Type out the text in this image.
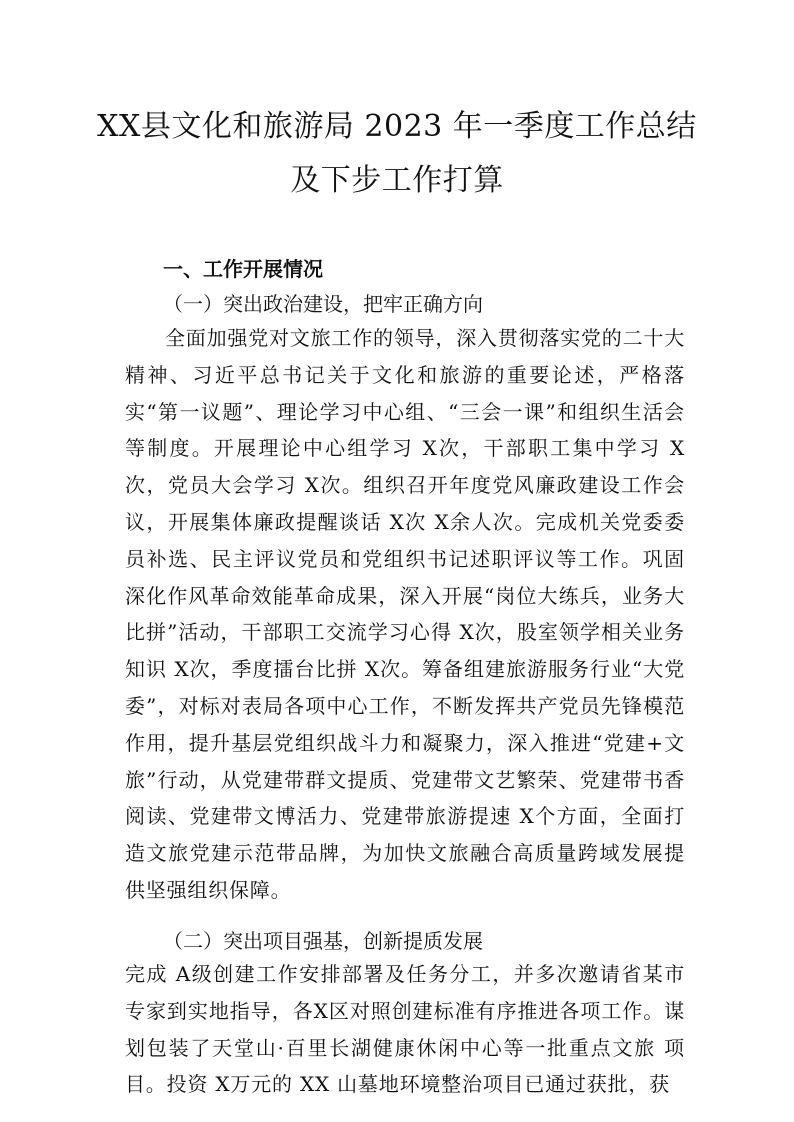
XX县文化和旅游局 2023 年一季度工作总结
及下步工作打算
一、工作开展情况
（一）突出政治建设，把牢正确方向
全面加强党对文旅工作的领导，深入贯彻落实党的二十大精神、习近平总书记关于文化和旅游的重要论述，严格落实“第一议题”、理论学习中心组、“三会一课”和组织生活会等制度。开展理论中心组学习 X次，干部职工集中学习 X次，党员大会学习 X次。组织召开年度党风廉政建设工作会议，开展集体廉政提醒谈话 X次 X余人次。完成机关党委委员补选、民主评议党员和党组织书记述职评议等工作。巩固深化作风革命效能革命成果，深入开展“岗位大练兵，业务大比拼”活动，干部职工交流学习心得 X次，股室领学相关业务知识 X次，季度擂台比拼 X次。筹备组建旅游服务行业“大党委”，对标对表局各项中心工作，不断发挥共产党员先锋模范作用，提升基层党组织战斗力和凝聚力，深入推进“党建+文旅”行动，从党建带群文提质、党建带文艺繁荣、党建带书香阅读、党建带文博活力、党建带旅游提速 X个方面，全面打造文旅党建示范带品牌，为加快文旅融合高质量跨域发展提供坚强组织保障。
（二）突出项目强基，创新提质发展
完成 A级创建工作安排部署及任务分工，并多次邀请省某市专家到实地指导，各X区对照创建标准有序推进各项工作。谋划包装了天堂山·百里长湖健康休闲中心等一批重点文旅 项目。投资 X万元的 XX 山墓地环境整治项目已通过获批，获
